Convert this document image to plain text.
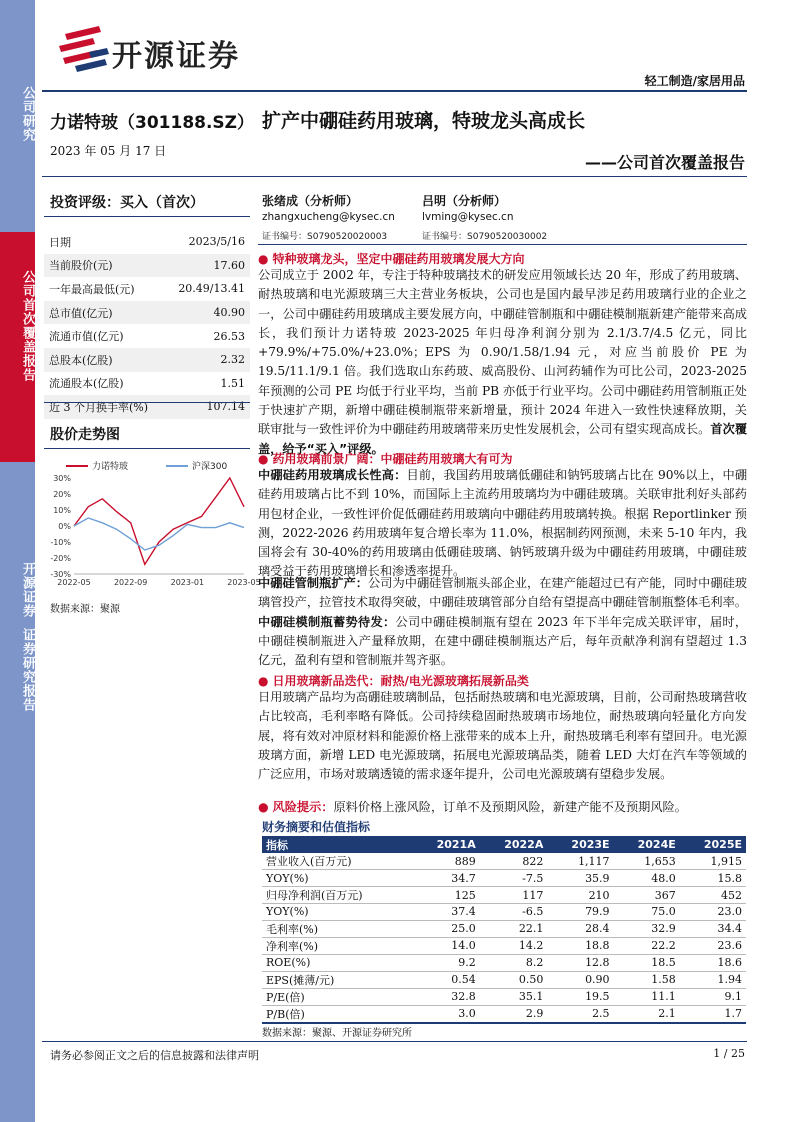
公司研究
公司首次覆盖报告
开源证券
证券研究报告
开源证券
轻工制造/家居用品
力诺特玻（301188.SZ）
2023 年 05 月 17 日
扩产中硼硅药用玻璃，特玻龙头高成长
——公司首次覆盖报告
投资评级：买入（首次）
日期	2023/5/16
当前股价(元)	17.60
一年最高最低(元)	20.49/13.41
总市值(亿元)	40.90
流通市值(亿元)	26.53
总股本(亿股)	2.32
流通股本(亿股)	1.51
近 3 个月换手率(%)	107.14
股价走势图
30%
20%
10%
0%
-10%
-20%
-30%
2022-05	2022-09	2023-01	2023-05
力诺特玻	沪深300
数据来源：聚源
张绪成（分析师）
zhangxucheng@kysec.cn
证书编号：S0790520020003
吕明（分析师）
lvming@kysec.cn
证书编号：S0790520030002
● 特种玻璃龙头，坚定中硼硅药用玻璃发展大方向
公司成立于 2002 年，专注于特种玻璃技术的研发应用领域长达 20 年，形成了药用玻璃、耐热玻璃和电光源玻璃三大主营业务板块，公司也是国内最早涉足药用玻璃行业的企业之一，公司中硼硅药用玻璃成主要发展方向，中硼硅管制瓶和中硼硅模制瓶新建产能带来高成长，我们预计力诺特玻 2023-2025 年归母净利润分别为 2.1/3.7/4.5 亿元，同比+79.9%/+75.0%/+23.0%；EPS 为 0.90/1.58/1.94 元，对应当前股价 PE 为 19.5/11.1/9.1 倍。我们选取山东药玻、威高股份、山河药辅作为可比公司，2023-2025 年预测的公司 PE 均低于行业平均，当前 PB 亦低于行业平均。公司中硼硅药用管制瓶正处于快速扩产期，新增中硼硅模制瓶带来新增量，预计 2024 年进入一致性快速释放期，关联审批与一致性评价为中硼硅药用玻璃带来历史性发展机会，公司有望实现高成长。首次覆盖，给予“买入”评级。
● 药用玻璃前景广阔：中硼硅药用玻璃大有可为
中硼硅药用玻璃成长性高：目前，我国药用玻璃低硼硅和钠钙玻璃占比在 90%以上，中硼硅药用玻璃占比不到 10%，而国际上主流药用玻璃均为中硼硅玻璃。关联审批利好头部药用包材企业，一致性评价促低硼硅药用玻璃向中硼硅药用玻璃转换。根据 Reportlinker 预测，2022-2026 药用玻璃年复合增长率为 11.0%，根据制药网预测，未来 5-10 年内，我国将会有 30-40%的药用玻璃由低硼硅玻璃、钠钙玻璃升级为中硼硅药用玻璃，中硼硅玻璃受益于药用玻璃增长和渗透率提升。
中硼硅管制瓶扩产：公司为中硼硅管制瓶头部企业，在建产能超过已有产能，同时中硼硅玻璃管投产，拉管技术取得突破，中硼硅玻璃管部分自给有望提高中硼硅管制瓶整体毛利率。中硼硅模制瓶蓄势待发：公司中硼硅模制瓶有望在 2023 年下半年完成关联评审，届时，中硼硅模制瓶进入产量释放期，在建中硼硅模制瓶达产后，每年贡献净利润有望超过 1.3 亿元，盈利有望和管制瓶并驾齐驱。
● 日用玻璃新品迭代：耐热/电光源玻璃拓展新品类
日用玻璃产品均为高硼硅玻璃制品，包括耐热玻璃和电光源玻璃，目前，公司耐热玻璃营收占比较高，毛利率略有降低。公司持续稳固耐热玻璃市场地位，耐热玻璃向轻量化方向发展，将有效对冲原材料和能源价格上涨带来的成本上升，耐热玻璃毛利率有望回升。电光源玻璃方面，新增 LED 电光源玻璃，拓展电光源玻璃品类，随着 LED 大灯在汽车等领域的广泛应用，市场对玻璃透镜的需求逐年提升，公司电光源玻璃有望稳步发展。
● 风险提示：原料价格上涨风险，订单不及预期风险，新建产能不及预期风险。
财务摘要和估值指标
指标	2021A	2022A	2023E	2024E	2025E
营业收入(百万元)	889	822	1,117	1,653	1,915
YOY(%)	34.7	-7.5	35.9	48.0	15.8
归母净利润(百万元)	125	117	210	367	452
YOY(%)	37.4	-6.5	79.9	75.0	23.0
毛利率(%)	25.0	22.1	28.4	32.9	34.4
净利率(%)	14.0	14.2	18.8	22.2	23.6
ROE(%)	9.2	8.2	12.8	18.5	18.6
EPS(摊薄/元)	0.54	0.50	0.90	1.58	1.94
P/E(倍)	32.8	35.1	19.5	11.1	9.1
P/B(倍)	3.0	2.9	2.5	2.1	1.7
数据来源：聚源、开源证券研究所
请务必参阅正文之后的信息披露和法律声明	1 / 25
